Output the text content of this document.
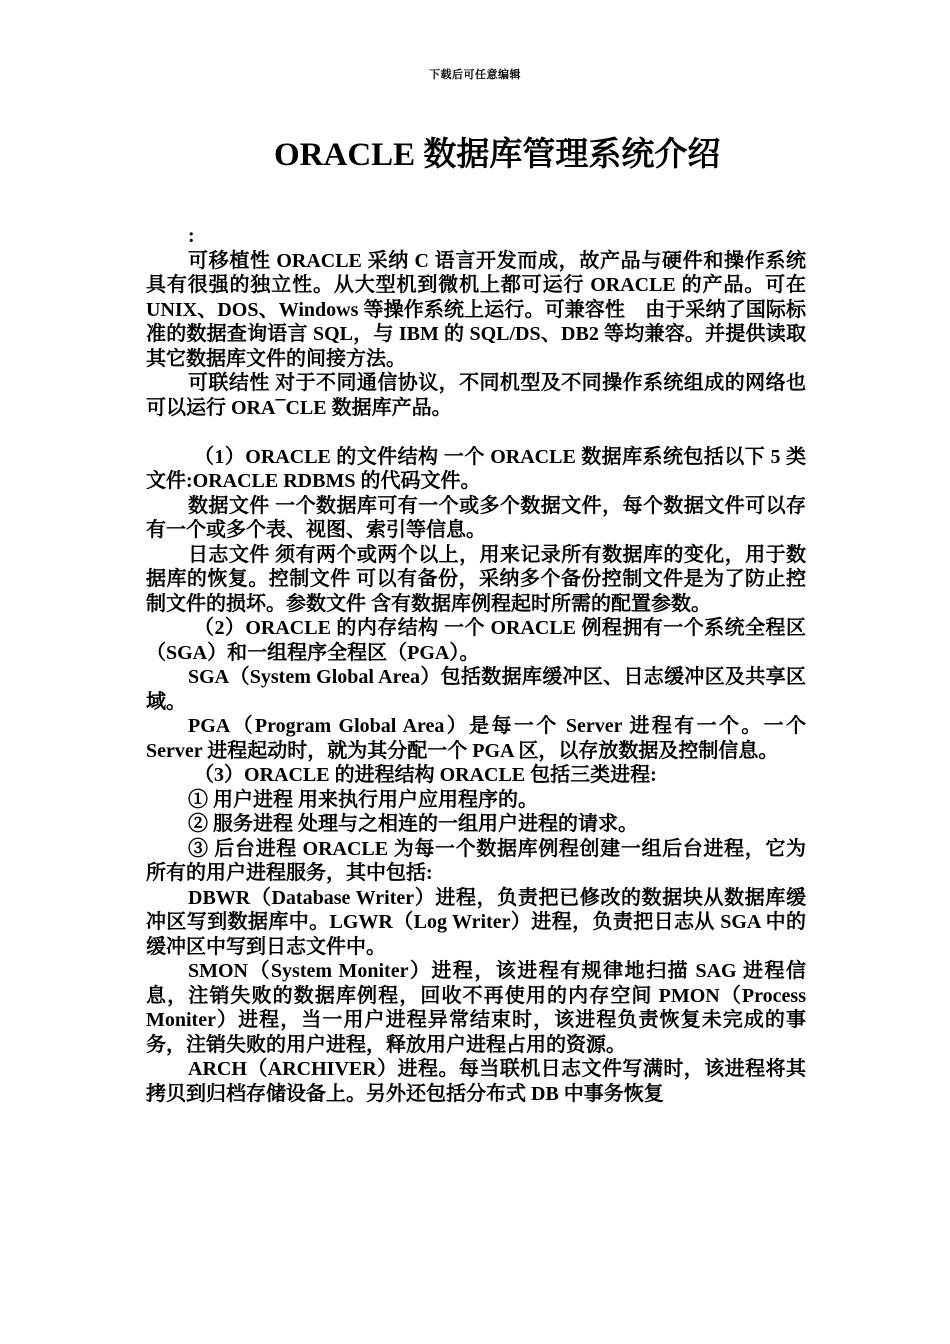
下载后可任意编辑
ORACLE 数据库管理系统介绍

:

可移植性 ORACLE 采纳 C 语言开发而成，故产品与硬件和操作系统具有很强的独立性。从大型机到微机上都可运行 ORACLE 的产品。可在 UNIX、DOS、Windows 等操作系统上运行。可兼容性　由于采纳了国际标准的数据查询语言 SQL，与 IBM 的 SQL/DS、DB2 等均兼容。并提供读取其它数据库文件的间接方法。

可联结性 对于不同通信协议，不同机型及不同操作系统组成的网络也可以运行 ORA¯CLE 数据库产品。

（1）ORACLE 的文件结构 一个 ORACLE 数据库系统包括以下 5 类文件:ORACLE RDBMS 的代码文件。

数据文件 一个数据库可有一个或多个数据文件，每个数据文件可以存有一个或多个表、视图、索引等信息。

日志文件 须有两个或两个以上，用来记录所有数据库的变化，用于数据库的恢复。控制文件 可以有备份，采纳多个备份控制文件是为了防止控制文件的损坏。参数文件 含有数据库例程起时所需的配置参数。

（2）ORACLE 的内存结构 一个 ORACLE 例程拥有一个系统全程区（SGA）和一组程序全程区（PGA）。

SGA（System Global Area）包括数据库缓冲区、日志缓冲区及共享区域。

PGA（Program Global Area）是每一个 Server 进程有一个。一个 Server 进程起动时，就为其分配一个 PGA 区，以存放数据及控制信息。

（3）ORACLE 的进程结构 ORACLE 包括三类进程:

① 用户进程 用来执行用户应用程序的。

② 服务进程 处理与之相连的一组用户进程的请求。

③ 后台进程 ORACLE 为每一个数据库例程创建一组后台进程，它为所有的用户进程服务，其中包括:

DBWR（Database Writer）进程，负责把已修改的数据块从数据库缓冲区写到数据库中。LGWR（Log Writer）进程，负责把日志从 SGA 中的缓冲区中写到日志文件中。

SMON（System Moniter）进程，该进程有规律地扫描 SAG 进程信息，注销失败的数据库例程，回收不再使用的内存空间 PMON（Process Moniter）进程，当一用户进程异常结束时，该进程负责恢复未完成的事务，注销失败的用户进程，释放用户进程占用的资源。

ARCH（ARCHIVER）进程。每当联机日志文件写满时，该进程将其拷贝到归档存储设备上。另外还包括分布式 DB 中事务恢复
